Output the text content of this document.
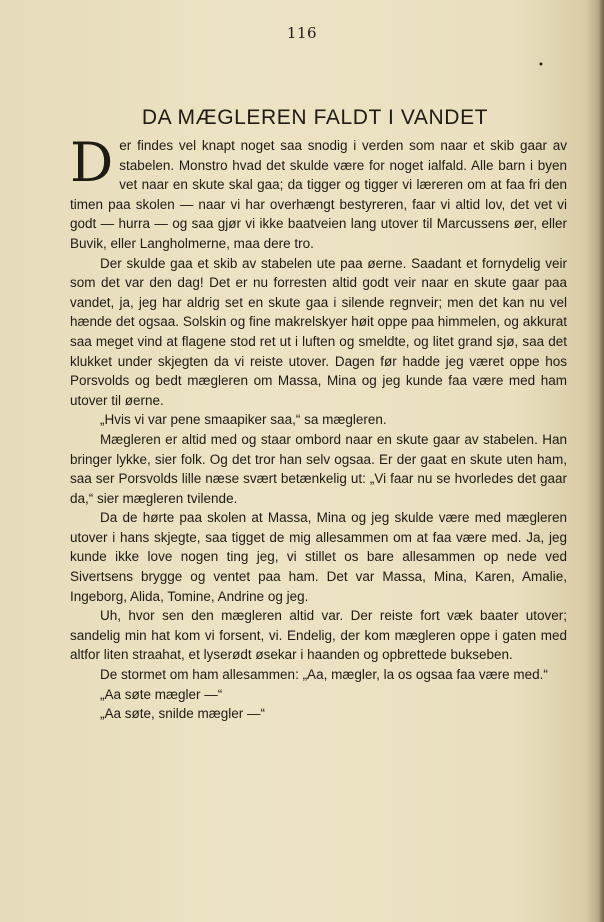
116
•
DA MÆGLEREN FALDT I VANDET

Der findes vel knapt noget saa snodig i verden som naar et skib gaar av stabelen. Monstro hvad det skulde være for noget ialfald. Alle barn i byen vet naar en skute skal gaa; da tigger og tigger vi læreren om at faa fri den timen paa skolen — naar vi har overhængt bestyreren, faar vi altid lov, det vet vi godt — hurra — og saa gjør vi ikke baatveien lang utover til Marcussens øer, eller Buvik, eller Langholmerne, maa dere tro.

Der skulde gaa et skib av stabelen ute paa øerne. Saadant et fornydelig veir som det var den dag! Det er nu forresten altid godt veir naar en skute gaar paa vandet, ja, jeg har aldrig set en skute gaa i silende regnveir; men det kan nu vel hænde det ogsaa. Solskin og fine makrelskyer høit oppe paa himmelen, og akkurat saa meget vind at flagene stod ret ut i luften og smeldte, og litet grand sjø, saa det klukket under skjegten da vi reiste utover. Dagen før hadde jeg været oppe hos Porsvolds og bedt mægleren om Massa, Mina og jeg kunde faa være med ham utover til øerne.

„Hvis vi var pene smaapiker saa,“ sa mægleren.

Mægleren er altid med og staar ombord naar en skute gaar av stabelen. Han bringer lykke, sier folk. Og det tror han selv ogsaa. Er der gaat en skute uten ham, saa ser Porsvolds lille næse svært betænkelig ut: „Vi faar nu se hvorledes det gaar da,“ sier mægleren tvilende.

Da de hørte paa skolen at Massa, Mina og jeg skulde være med mægleren utover i hans skjegte, saa tigget de mig allesammen om at faa være med. Ja, jeg kunde ikke love nogen ting jeg, vi stillet os bare allesammen op nede ved Sivertsens brygge og ventet paa ham. Det var Massa, Mina, Karen, Amalie, Ingeborg, Alida, Tomine, Andrine og jeg.

Uh, hvor sen den mægleren altid var. Der reiste fort væk baater utover; sandelig min hat kom vi forsent, vi. Endelig, der kom mægleren oppe i gaten med altfor liten straahat, et lyserødt øsekar i haanden og opbrettede bukseben.

De stormet om ham allesammen: „Aa, mægler, la os ogsaa faa være med.“

„Aa søte mægler —“

„Aa søte, snilde mægler —“
